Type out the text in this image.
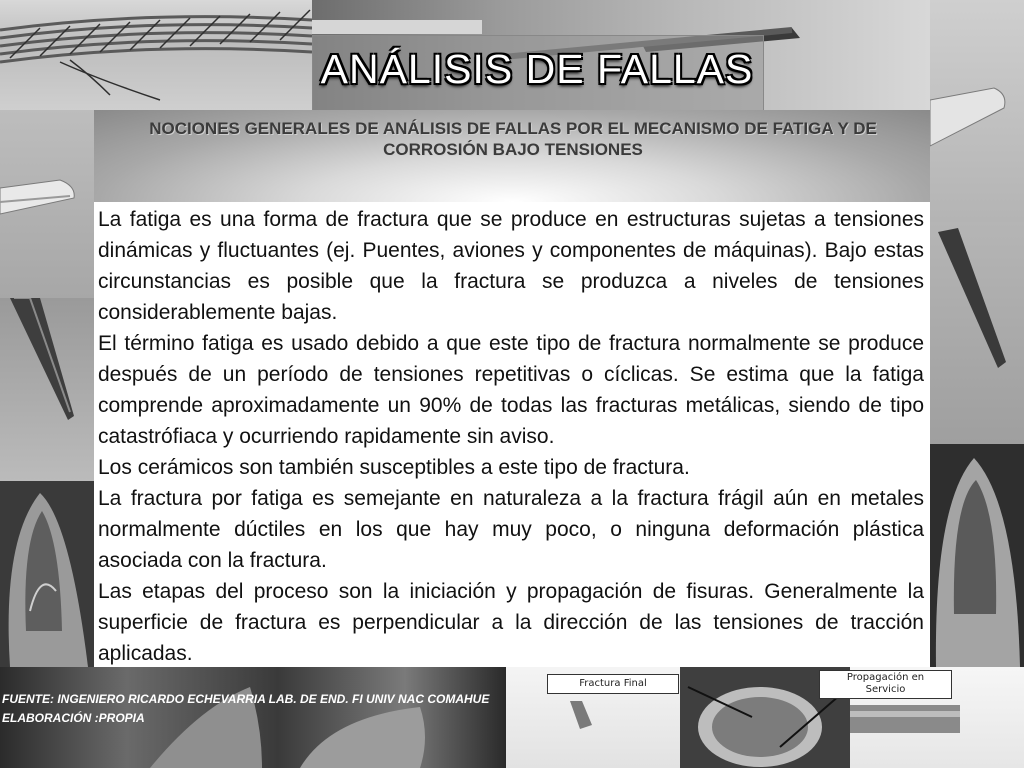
ANÁLISIS DE FALLAS
NOCIONES GENERALES DE ANÁLISIS DE FALLAS POR EL MECANISMO DE FATIGA Y DE CORROSIÓN BAJO TENSIONES

La fatiga es una forma de fractura que se produce en estructuras sujetas a tensiones dinámicas y fluctuantes (ej. Puentes, aviones y componentes de máquinas). Bajo estas circunstancias es posible que la fractura se produzca a niveles de tensiones considerablemente bajas.

El término fatiga es usado debido a que este tipo de fractura normalmente se produce después de un período de tensiones repetitivas o cíclicas. Se estima que la fatiga comprende aproximadamente un 90% de todas las fracturas metálicas, siendo de tipo catastrófiaca y ocurriendo rapidamente sin aviso.

Los cerámicos son también susceptibles a este tipo de fractura.

La fractura por fatiga es semejante en naturaleza a la fractura frágil aún en metales normalmente dúctiles en los que hay muy poco, o ninguna deformación plástica asociada con la fractura.

Las etapas del proceso son la iniciación y propagación de fisuras. Generalmente la superficie de fractura es perpendicular a la dirección de las tensiones de tracción aplicadas.

FUENTE: INGENIERO RICARDO ECHEVARRIA LAB. DE END. FI UNIV NAC COMAHUE
ELABORACIÓN :PROPIA
Fractura Final
Propagación en
Servicio
